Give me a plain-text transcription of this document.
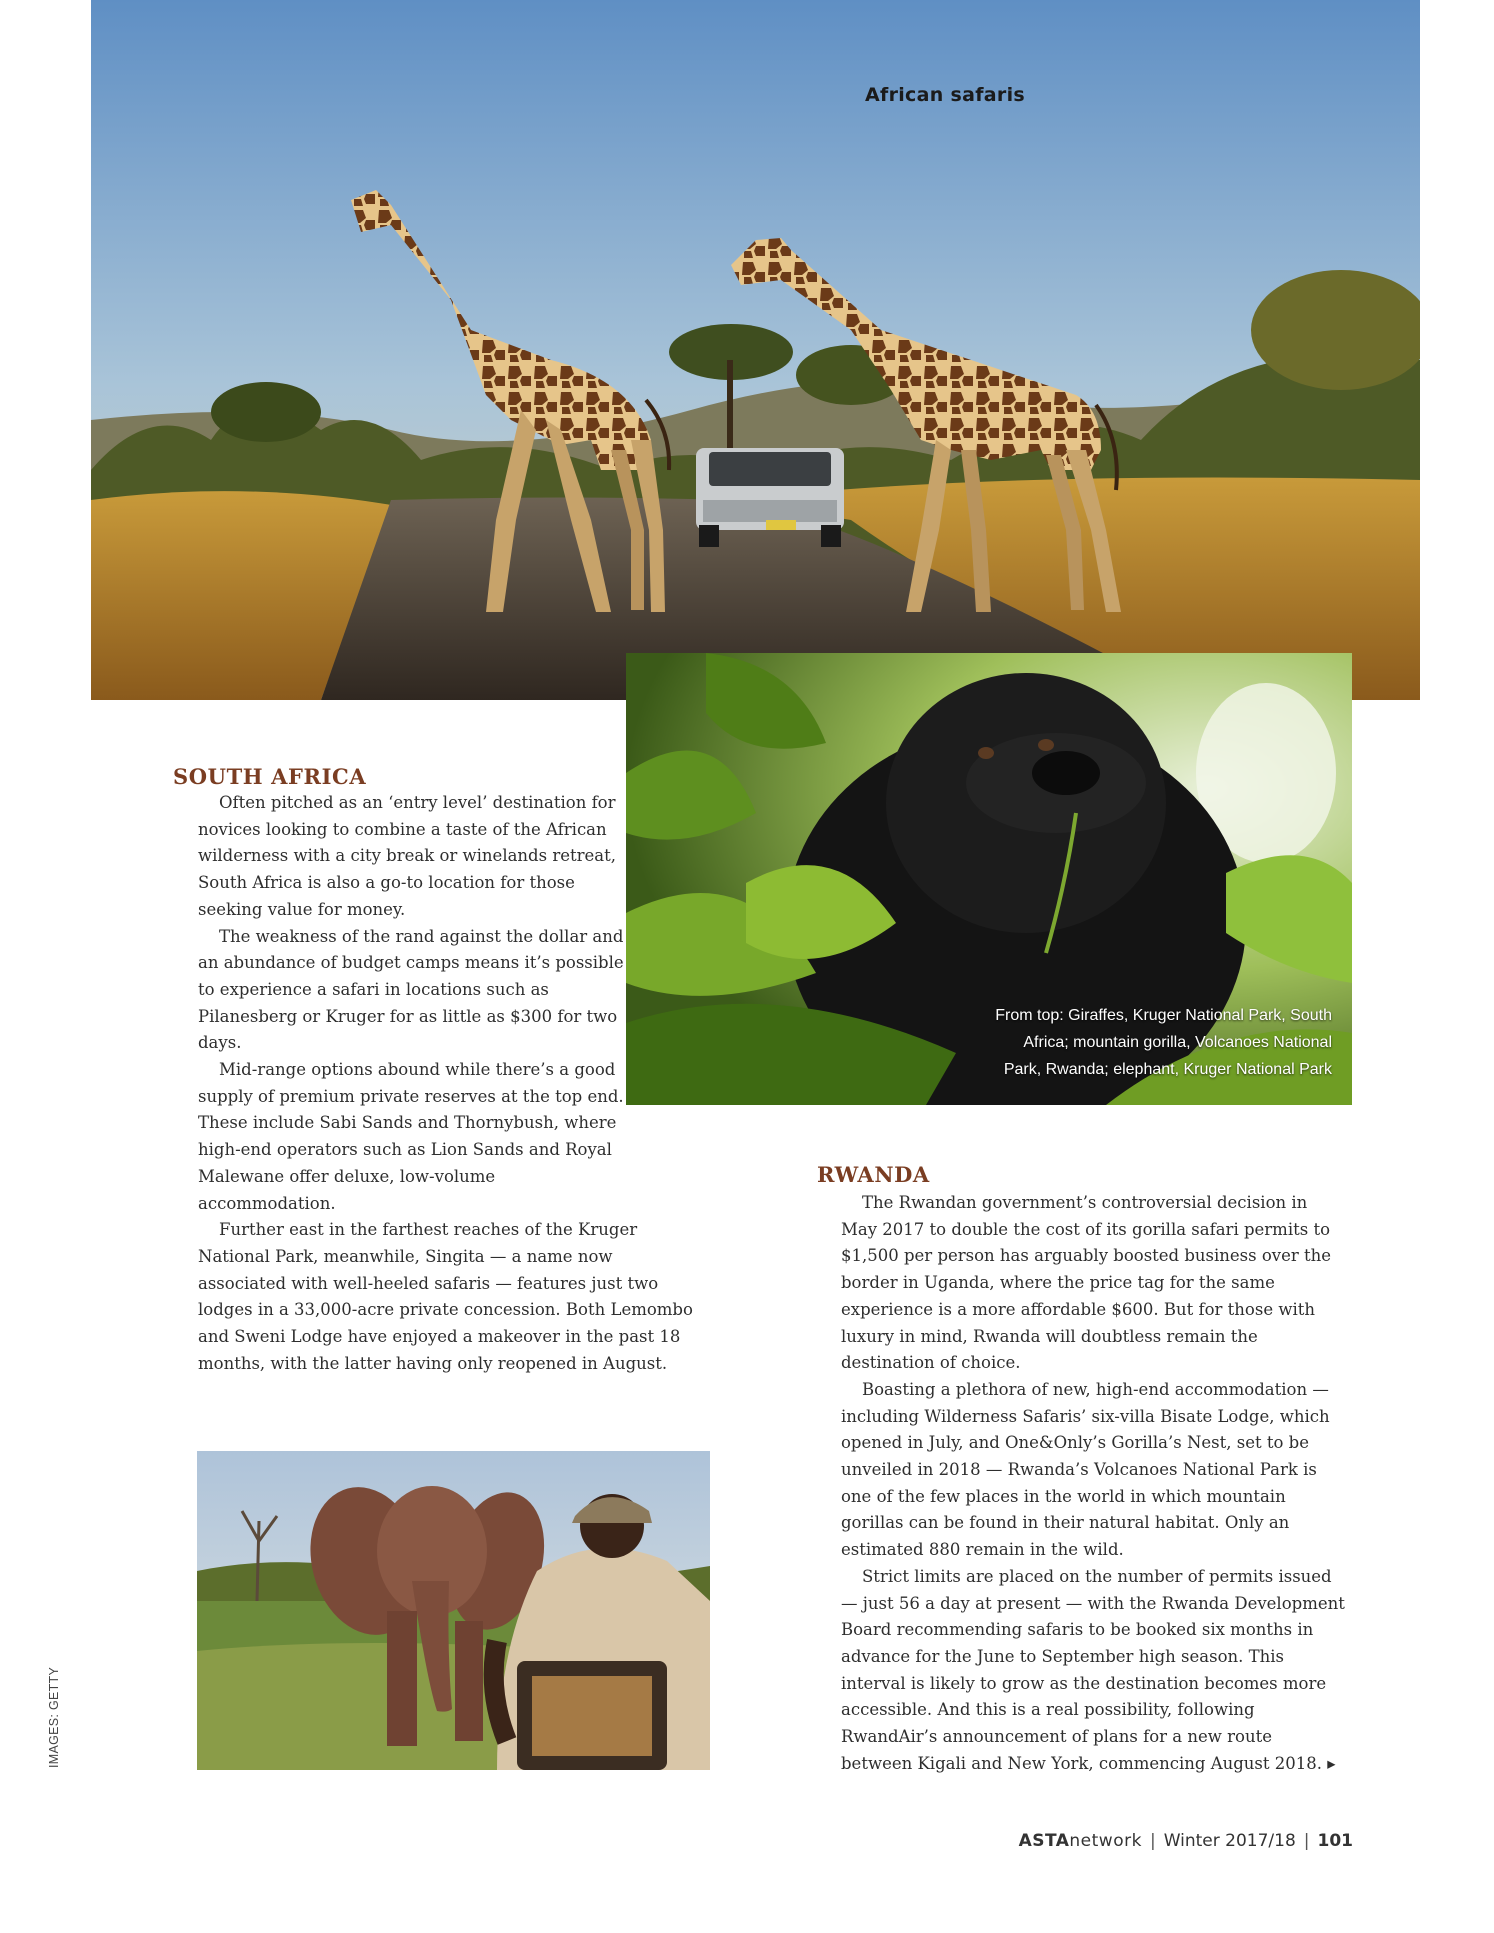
African safaris
From top: Giraffes, Kruger National Park, South Africa; mountain gorilla, Volcanoes National Park, Rwanda; elephant, Kruger National Park
SOUTH AFRICA

Often pitched as an ‘entry level’ destination for novices looking to combine a taste of the African wilderness with a city break or winelands retreat, South Africa is also a go-to location for those seeking value for money.

The weakness of the rand against the dollar and an abundance of budget camps means it’s possible to experience a safari in locations such as Pilanesberg or Kruger for as little as $300 for two days.

Mid-range options abound while there’s a good supply of premium private reserves at the top end. These include Sabi Sands and Thornybush, where high-end operators such as Lion Sands and Royal Malewane offer deluxe, low-volume accommodation.

Further east in the farthest reaches of the Kruger National Park, meanwhile, Singita — a name now associated with well-heeled safaris — features just two lodges in a 33,000-acre private concession. Both Lemombo and Sweni Lodge have enjoyed a makeover in the past 18 months, with the latter having only reopened in August.

RWANDA

The Rwandan government’s controversial decision in May 2017 to double the cost of its gorilla safari permits to $1,500 per person has arguably boosted business over the border in Uganda, where the price tag for the same experience is a more affordable $600. But for those with luxury in mind, Rwanda will doubtless remain the destination of choice.

Boasting a plethora of new, high-end accommodation — including Wilderness Safaris’ six-villa Bisate Lodge, which opened in July, and One&Only’s Gorilla’s Nest, set to be unveiled in 2018 — Rwanda’s Volcanoes National Park is one of the few places in the world in which mountain gorillas can be found in their natural habitat. Only an estimated 880 remain in the wild.

Strict limits are placed on the number of permits issued — just 56 a day at present — with the Rwanda Development Board recommending safaris to be booked six months in advance for the June to September high season. This interval is likely to grow as the destination becomes more accessible. And this is a real possibility, following RwandAir’s announcement of plans for a new route between Kigali and New York, commencing August 2018. ▸

IMAGES: GETTY
ASTAnetwork | Winter 2017/18 | 101
